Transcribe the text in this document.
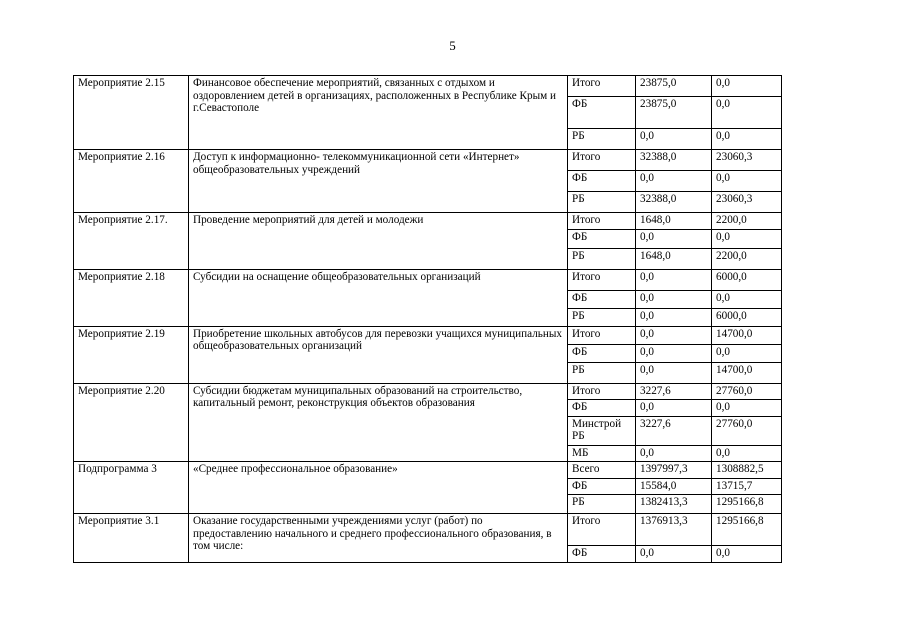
5
Мероприятие 2.15	Финансовое обеспечение мероприятий, связанных с отдыхом и оздоровлением детей в организациях, расположенных в Республике Крым и г.Севастополе	Итого	23875,0	0,0
		ФБ	23875,0	0,0
		РБ	0,0	0,0
Мероприятие 2.16	Доступ к информационно- телекоммуникационной сети «Интернет» общеобразовательных учреждений	Итого	32388,0	23060,3
		ФБ	0,0	0,0
		РБ	32388,0	23060,3
Мероприятие 2.17.	Проведение мероприятий для детей и молодежи	Итого	1648,0	2200,0
		ФБ	0,0	0,0
		РБ	1648,0	2200,0
Мероприятие 2.18	Субсидии на оснащение общеобразовательных организаций	Итого	0,0	6000,0
		ФБ	0,0	0,0
		РБ	0,0	6000,0
Мероприятие 2.19	Приобретение школьных автобусов для перевозки учащихся муниципальных общеобразовательных организаций	Итого	0,0	14700,0
		ФБ	0,0	0,0
		РБ	0,0	14700,0
Мероприятие 2.20	Субсидии бюджетам муниципальных образований на строительство, капитальный ремонт, реконструкция объектов образования	Итого	3227,6	27760,0
		ФБ	0,0	0,0
		Минстрой РБ	3227,6	27760,0
		МБ	0,0	0,0
Подпрограмма 3	«Среднее профессиональное образование»	Всего	1397997,3	1308882,5
		ФБ	15584,0	13715,7
		РБ	1382413,3	1295166,8
Мероприятие 3.1	Оказание государственными учреждениями услуг (работ) по предоставлению начального и среднего профессионального образования, в том числе:	Итого	1376913,3	1295166,8
		ФБ	0,0	0,0
